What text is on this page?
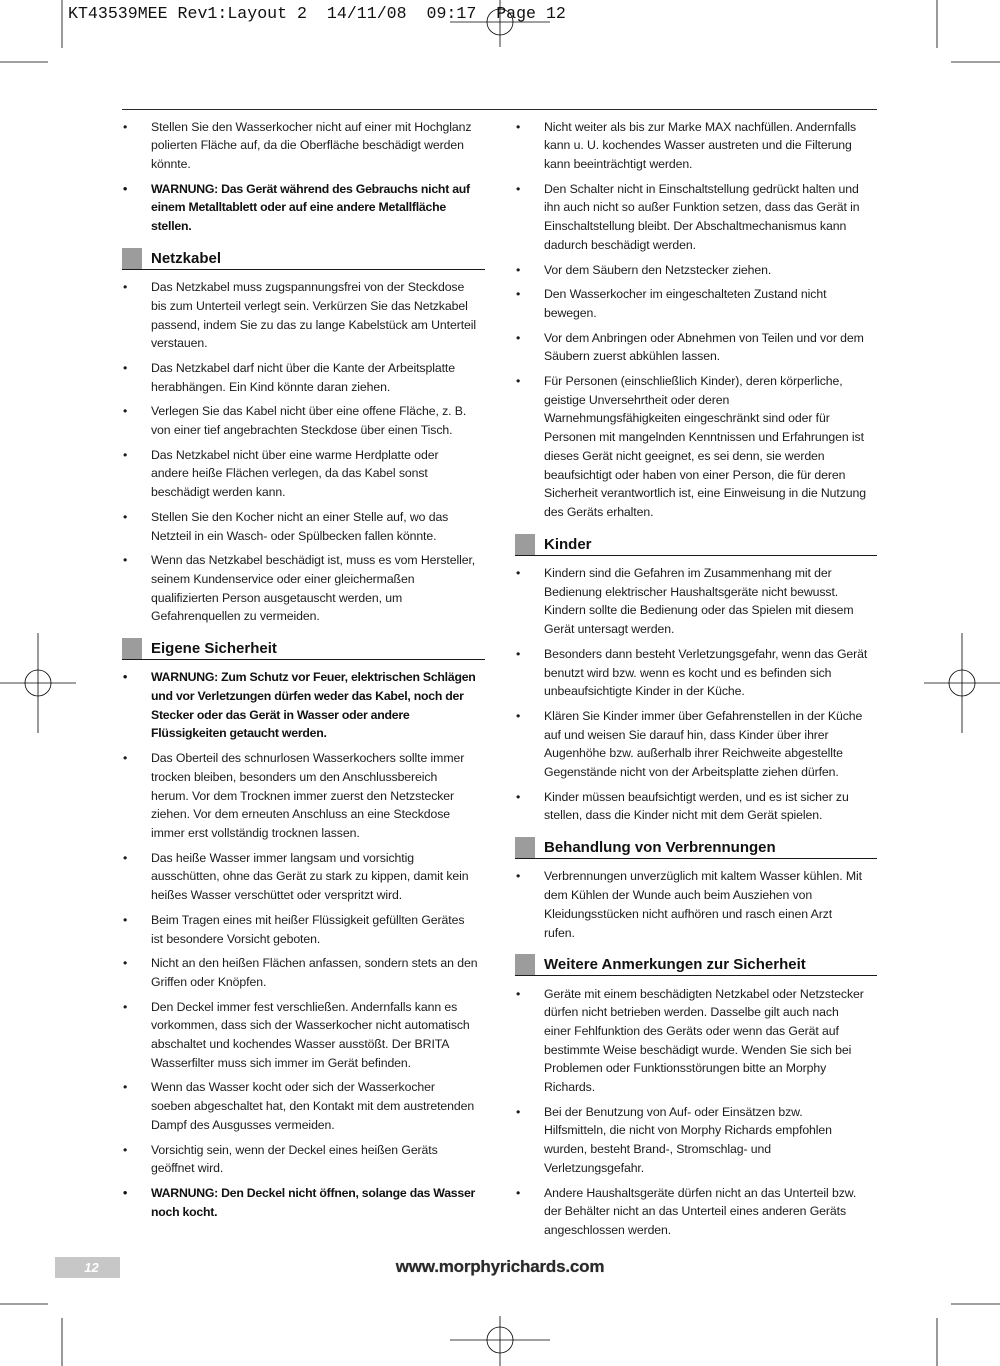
KT43539MEE Rev1:Layout 2  14/11/08  09:17  Page 12
• Stellen Sie den Wasserkocher nicht auf einer mit Hochglanz
polierten Fläche auf, da die Oberfläche beschädigt werden
könnte.
• WARNUNG: Das Gerät während des Gebrauchs nicht auf
einem Metalltablett oder auf eine andere Metallfläche
stellen.
Netzkabel
• Das Netzkabel muss zugspannungsfrei von der Steckdose
bis zum Unterteil verlegt sein. Verkürzen Sie das Netzkabel
passend, indem Sie zu das zu lange Kabelstück am Unterteil
verstauen.
• Das Netzkabel darf nicht über die Kante der Arbeitsplatte
herabhängen. Ein Kind könnte daran ziehen.
• Verlegen Sie das Kabel nicht über eine offene Fläche, z. B.
von einer tief angebrachten Steckdose über einen Tisch.
• Das Netzkabel nicht über eine warme Herdplatte oder
andere heiße Flächen verlegen, da das Kabel sonst
beschädigt werden kann.
• Stellen Sie den Kocher nicht an einer Stelle auf, wo das
Netzteil in ein Wasch- oder Spülbecken fallen könnte.
• Wenn das Netzkabel beschädigt ist, muss es vom Hersteller,
seinem Kundenservice oder einer gleichermaßen
qualifizierten Person ausgetauscht werden, um
Gefahrenquellen zu vermeiden.
Eigene Sicherheit
• WARNUNG: Zum Schutz vor Feuer, elektrischen Schlägen
und vor Verletzungen dürfen weder das Kabel, noch der
Stecker oder das Gerät in Wasser oder andere
Flüssigkeiten getaucht werden.
• Das Oberteil des schnurlosen Wasserkochers sollte immer
trocken bleiben, besonders um den Anschlussbereich
herum. Vor dem Trocknen immer zuerst den Netzstecker
ziehen. Vor dem erneuten Anschluss an eine Steckdose
immer erst vollständig trocknen lassen.
• Das heiße Wasser immer langsam und vorsichtig
ausschütten, ohne das Gerät zu stark zu kippen, damit kein
heißes Wasser verschüttet oder verspritzt wird.
• Beim Tragen eines mit heißer Flüssigkeit gefüllten Gerätes
ist besondere Vorsicht geboten.
• Nicht an den heißen Flächen anfassen, sondern stets an den
Griffen oder Knöpfen.
• Den Deckel immer fest verschließen. Andernfalls kann es
vorkommen, dass sich der Wasserkocher nicht automatisch
abschaltet und kochendes Wasser ausstößt. Der BRITA
Wasserfilter muss sich immer im Gerät befinden.
• Wenn das Wasser kocht oder sich der Wasserkocher
soeben abgeschaltet hat, den Kontakt mit dem austretenden
Dampf des Ausgusses vermeiden.
• Vorsichtig sein, wenn der Deckel eines heißen Geräts
geöffnet wird.
• WARNUNG: Den Deckel nicht öffnen, solange das Wasser
noch kocht.
• Nicht weiter als bis zur Marke MAX nachfüllen. Andernfalls
kann u. U. kochendes Wasser austreten und die Filterung
kann beeinträchtigt werden.
• Den Schalter nicht in Einschaltstellung gedrückt halten und
ihn auch nicht so außer Funktion setzen, dass das Gerät in
Einschaltstellung bleibt. Der Abschaltmechanismus kann
dadurch beschädigt werden.
• Vor dem Säubern den Netzstecker ziehen.
• Den Wasserkocher im eingeschalteten Zustand nicht
bewegen.
• Vor dem Anbringen oder Abnehmen von Teilen und vor dem
Säubern zuerst abkühlen lassen.
• Für Personen (einschließlich Kinder), deren körperliche,
geistige Unversehrtheit oder deren
Warnehmungsfähigkeiten eingeschränkt sind oder für
Personen mit mangelnden Kenntnissen und Erfahrungen ist
dieses Gerät nicht geeignet, es sei denn, sie werden
beaufsichtigt oder haben von einer Person, die für deren
Sicherheit verantwortlich ist, eine Einweisung in die Nutzung
des Geräts erhalten.
Kinder
• Kindern sind die Gefahren im Zusammenhang mit der
Bedienung elektrischer Haushaltsgeräte nicht bewusst.
Kindern sollte die Bedienung oder das Spielen mit diesem
Gerät untersagt werden.
• Besonders dann besteht Verletzungsgefahr, wenn das Gerät
benutzt wird bzw. wenn es kocht und es befinden sich
unbeaufsichtigte Kinder in der Küche.
• Klären Sie Kinder immer über Gefahrenstellen in der Küche
auf und weisen Sie darauf hin, dass Kinder über ihrer
Augenhöhe bzw. außerhalb ihrer Reichweite abgestellte
Gegenstände nicht von der Arbeitsplatte ziehen dürfen.
• Kinder müssen beaufsichtigt werden, und es ist sicher zu
stellen, dass die Kinder nicht mit dem Gerät spielen.
Behandlung von Verbrennungen
• Verbrennungen unverzüglich mit kaltem Wasser kühlen. Mit
dem Kühlen der Wunde auch beim Ausziehen von
Kleidungsstücken nicht aufhören und rasch einen Arzt
rufen.
Weitere Anmerkungen zur Sicherheit
• Geräte mit einem beschädigten Netzkabel oder Netzstecker
dürfen nicht betrieben werden. Dasselbe gilt auch nach
einer Fehlfunktion des Geräts oder wenn das Gerät auf
bestimmte Weise beschädigt wurde. Wenden Sie sich bei
Problemen oder Funktionsstörungen bitte an Morphy
Richards.
• Bei der Benutzung von Auf- oder Einsätzen bzw.
Hilfsmitteln, die nicht von Morphy Richards empfohlen
wurden, besteht Brand-, Stromschlag- und
Verletzungsgefahr.
• Andere Haushaltsgeräte dürfen nicht an das Unterteil bzw.
der Behälter nicht an das Unterteil eines anderen Geräts
angeschlossen werden.
12	www.morphyrichards.com
